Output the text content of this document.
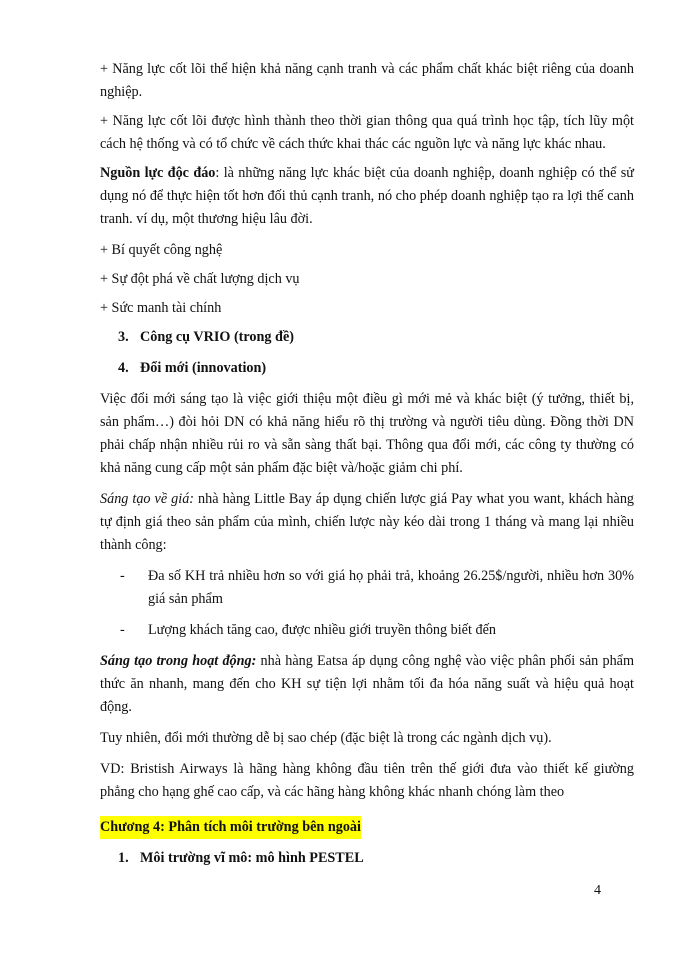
+ Năng lực cốt lõi thể hiện khả năng cạnh tranh và các phẩm chất khác biệt riêng của doanh nghiệp.

+ Năng lực cốt lõi được hình thành theo thời gian thông qua quá trình học tập, tích lũy một cách hệ thống và có tổ chức về cách thức khai thác các nguồn lực và năng lực khác nhau.

Nguồn lực độc đáo: là những năng lực khác biệt của doanh nghiệp, doanh nghiệp có thể sử dụng nó để thực hiện tốt hơn đối thủ cạnh tranh, nó cho phép doanh nghiệp tạo ra lợi thế canh tranh. ví dụ, một thương hiệu lâu đời.

+ Bí quyết công nghệ

+ Sự đột phá về chất lượng dịch vụ

+ Sức manh tài chính

3. Công cụ VRIO (trong đề)
4. Đổi mới (innovation)

Việc đổi mới sáng tạo là việc giới thiệu một điều gì mới mẻ và khác biệt (ý tưởng, thiết bị, sản phẩm…) đòi hỏi DN có khả năng hiểu rõ thị trường và người tiêu dùng. Đồng thời DN phải chấp nhận nhiều rủi ro và sẵn sàng thất bại. Thông qua đổi mới, các công ty thường có khả năng cung cấp một sản phẩm đặc biệt và/hoặc giảm chi phí.

Sáng tạo về giá: nhà hàng Little Bay áp dụng chiến lược giá Pay what you want, khách hàng tự định giá theo sản phẩm của mình, chiến lược này kéo dài trong 1 tháng và mang lại nhiều thành công:

-	Đa số KH trả nhiều hơn so với giá họ phải trả, khoảng 26.25$/người, nhiều hơn 30% giá sản phẩm
-	Lượng khách tăng cao, được nhiều giới truyền thông biết đến

Sáng tạo trong hoạt động: nhà hàng Eatsa áp dụng công nghệ vào việc phân phối sản phẩm thức ăn nhanh, mang đến cho KH sự tiện lợi nhằm tối đa hóa năng suất và hiệu quả hoạt động.

Tuy nhiên, đổi mới thường dễ bị sao chép (đặc biệt là trong các ngành dịch vụ).

VD: Bristish Airways là hãng hàng không đầu tiên trên thế giới đưa vào thiết kế giường phẳng cho hạng ghế cao cấp, và các hãng hàng không khác nhanh chóng làm theo

Chương 4: Phân tích môi trường bên ngoài
1. Môi trường vĩ mô: mô hình PESTEL
4
